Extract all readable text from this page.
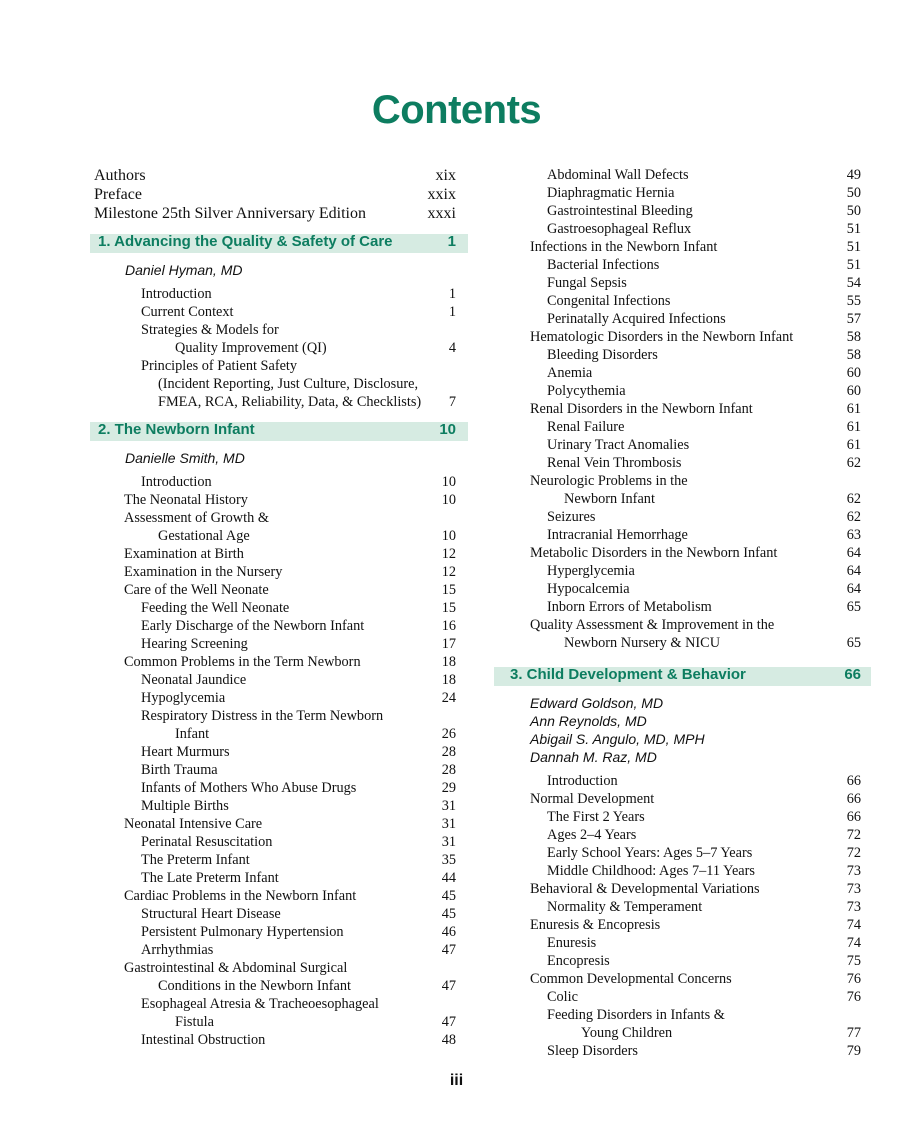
Contents
Authors	xix
Preface	xxix
Milestone 25th Silver Anniversary Edition	xxxi
1. Advancing the Quality & Safety of Care	1
Daniel Hyman, MD
Introduction	1
Current Context	1
Strategies & Models for
Quality Improvement (QI)	4
Principles of Patient Safety
(Incident Reporting, Just Culture, Disclosure,
FMEA, RCA, Reliability, Data, & Checklists) 7
2. The Newborn Infant	10
Danielle Smith, MD
Introduction	10
The Neonatal History	10
Assessment of Growth &
Gestational Age	10
Examination at Birth	12
Examination in the Nursery	12
Care of the Well Neonate	15
Feeding the Well Neonate	15
Early Discharge of the Newborn Infant	16
Hearing Screening	17
Common Problems in the Term Newborn	18
Neonatal Jaundice	18
Hypoglycemia	24
Respiratory Distress in the Term Newborn
Infant	26
Heart Murmurs	28
Birth Trauma	28
Infants of Mothers Who Abuse Drugs	29
Multiple Births	31
Neonatal Intensive Care	31
Perinatal Resuscitation	31
The Preterm Infant	35
The Late Preterm Infant	44
Cardiac Problems in the Newborn Infant	45
Structural Heart Disease	45
Persistent Pulmonary Hypertension	46
Arrhythmias	47
Gastrointestinal & Abdominal Surgical
Conditions in the Newborn Infant	47
Esophageal Atresia & Tracheoesophageal
Fistula	47
Intestinal Obstruction	48
Abdominal Wall Defects	49
Diaphragmatic Hernia	50
Gastrointestinal Bleeding	50
Gastroesophageal Reflux	51
Infections in the Newborn Infant	51
Bacterial Infections	51
Fungal Sepsis	54
Congenital Infections	55
Perinatally Acquired Infections	57
Hematologic Disorders in the Newborn Infant	58
Bleeding Disorders	58
Anemia	60
Polycythemia	60
Renal Disorders in the Newborn Infant	61
Renal Failure	61
Urinary Tract Anomalies	61
Renal Vein Thrombosis	62
Neurologic Problems in the
Newborn Infant	62
Seizures	62
Intracranial Hemorrhage	63
Metabolic Disorders in the Newborn Infant	64
Hyperglycemia	64
Hypocalcemia	64
Inborn Errors of Metabolism	65
Quality Assessment & Improvement in the
Newborn Nursery & NICU	65
3. Child Development & Behavior	66
Edward Goldson, MD
Ann Reynolds, MD
Abigail S. Angulo, MD, MPH
Dannah M. Raz, MD
Introduction	66
Normal Development	66
The First 2 Years	66
Ages 2–4 Years	72
Early School Years: Ages 5–7 Years	72
Middle Childhood: Ages 7–11 Years	73
Behavioral & Developmental Variations	73
Normality & Temperament	73
Enuresis & Encopresis	74
Enuresis	74
Encopresis	75
Common Developmental Concerns	76
Colic	76
Feeding Disorders in Infants &
Young Children	77
Sleep Disorders	79
iii
